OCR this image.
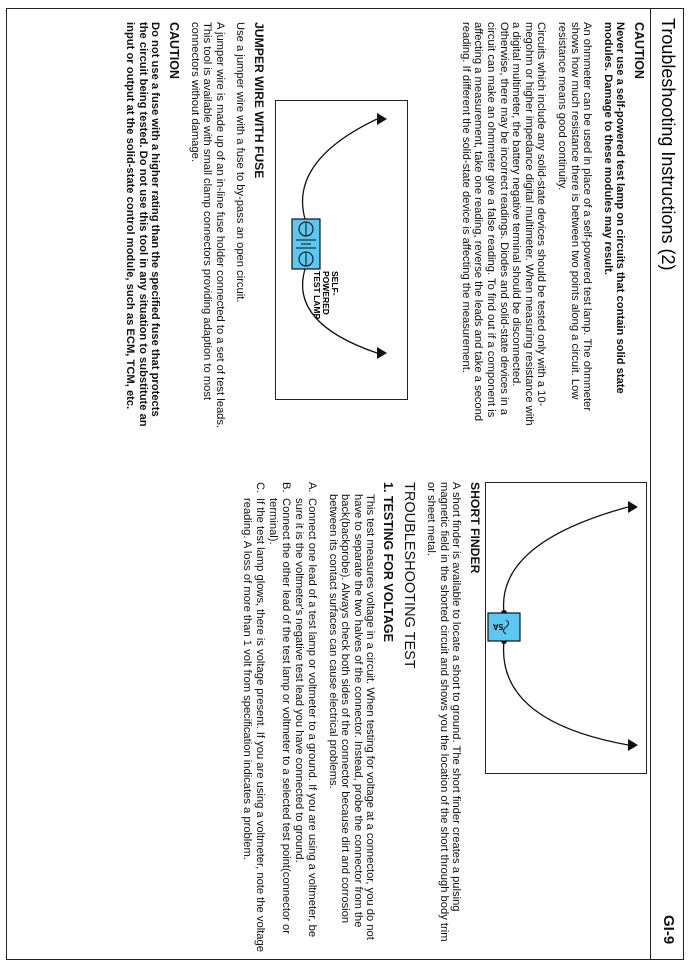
Troubleshooting Instructions (2)
GI-9
CAUTION

Never use a self-powered test lamp on circuits that contain solid state modules. Damage to these modules may result.

An ohmmeter can be used in place of a self-powered test lamp. The ohmmeter shows how much resistance there is between two points along a circuit. Low resistance means good continuity.

Circuits which include any solid-state devices should be tested only with a 10-megohm or higher impedance digital multimeter. When measuring resistance with a digital multimeter, the battery negative terminal should be disconnected. Otherwise, there may be incorrect readings. Diodes and solid-state devices in a circuit can make an ohmmeter give a false reading. To find out if a component is affecting a measurement, take one reading, reverse the leads and take a second reading. If different the solid-state device is affecting the measurement.

SELF-
POWERED
TEST LAMP
JUMPER WIRE WITH FUSE

Use a jumper wire with a fuse to by-pass an open circuit.

A jumper wire is made up of an in-line fuse holder connected to a set of test leads. This tool is available with small clamp connectors providing adaption to most connectors without damage.

CAUTION

Do not use a fuse with a higher rating than the specified fuse that protects the circuit being tested. Do not use this tool in any situation to substitute an input or output at the solid-state control module, such as ECM, TCM, etc.

5A
SHORT FINDER

A short finder is available to locate a short to ground. The short finder creates a pulsing magnetic field in the shorted circuit and shows you the location of the short through body trim or sheet metal.

TROUBLESHOOTING TEST
1. TESTING FOR VOLTAGE

This test measures voltage in a circuit. When testing for voltage at a connector, you do not have to separate the two halves of the connector. Instead, probe the connector from the back(backprobe). Always check both sides of the connector because dirt and corrosion between its contact surfaces can cause electrical problems.

A.
Connect one lead of a test lamp or voltmeter to a ground. If you are using a voltmeter, be sure it is the voltmeter's negative test lead you have connected to ground.
B.
Connect the other lead of the test lamp or voltmeter to a selected test point(connector or terminal).
C.
If the test lamp glows, there is voltage present. If you are using a voltmeter, note the voltage reading. A loss of more than 1 volt from specification indicates a problem.
